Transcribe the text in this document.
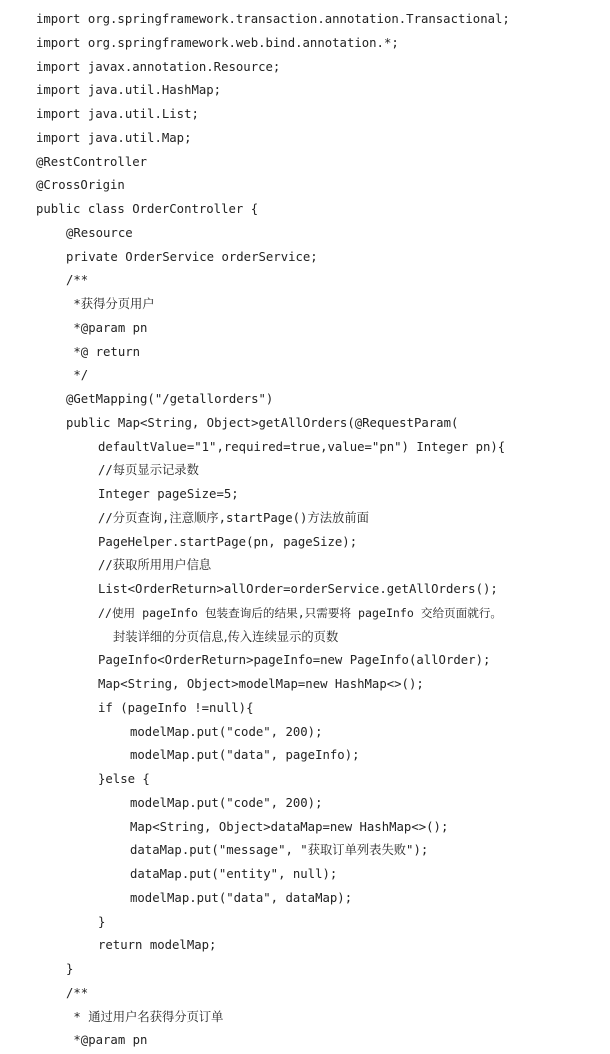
import org.springframework.transaction.annotation.Transactional;
import org.springframework.web.bind.annotation.*;
import javax.annotation.Resource;
import java.util.HashMap;
import java.util.List;
import java.util.Map;
@RestController
@CrossOrigin
public class OrderController {
@Resource
private OrderService orderService;
/**
*获得分页用户
*@param pn
*@ return
*/
@GetMapping("/getallorders")
public Map<String, Object>getAllOrders(@RequestParam(
defaultValue="1",required=true,value="pn") Integer pn){
//每页显示记录数
Integer pageSize=5;
//分页查询,注意顺序,startPage()方法放前面
PageHelper.startPage(pn, pageSize);
//获取所用用户信息
List<OrderReturn>allOrder=orderService.getAllOrders();
//使用 pageInfo 包装查询后的结果,只需要将 pageInfo 交给页面就行。
封装详细的分页信息,传入连续显示的页数
PageInfo<OrderReturn>pageInfo=new PageInfo(allOrder);
Map<String, Object>modelMap=new HashMap<>();
if (pageInfo !=null){
modelMap.put("code", 200);
modelMap.put("data", pageInfo);
}else {
modelMap.put("code", 200);
Map<String, Object>dataMap=new HashMap<>();
dataMap.put("message", "获取订单列表失败");
dataMap.put("entity", null);
modelMap.put("data", dataMap);
}
return modelMap;
}
/**
* 通过用户名获得分页订单
*@param pn
